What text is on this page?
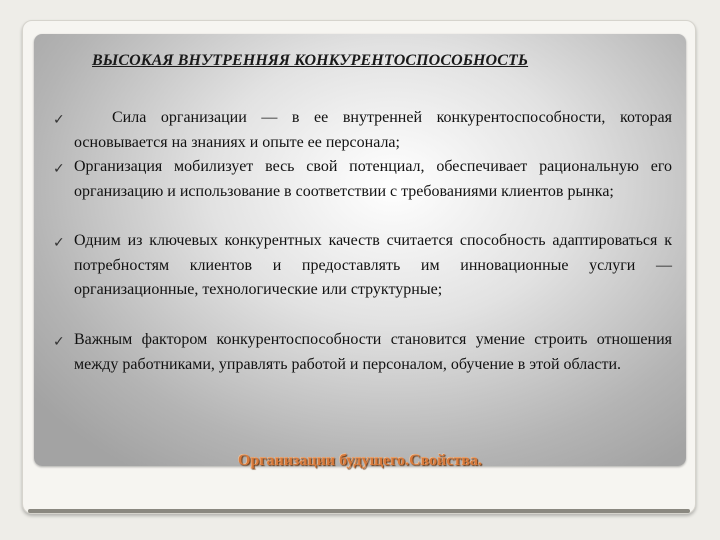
ВЫСОКАЯ ВНУТРЕННЯЯ КОНКУРЕНТОСПОСОБНОСТЬ
✓	Сила организации — в ее внутренней конкурентоспособности, которая основывается на знаниях и опыте ее персонала;

✓ Организация мобилизует весь свой потенциал, обеспечивает рациональную его организацию и использование в соответствии с требованиями клиентов рынка;

✓ Одним из ключевых конкурентных качеств считается способность адаптироваться к потребностям клиентов и предоставлять им инновационные услуги — организационные, технологические или структурные;

✓ Важным фактором конкурентоспособности становится умение строить отношения между работниками, управлять работой и персоналом, обучение в этой области.

Организации будущего.Свойства.
